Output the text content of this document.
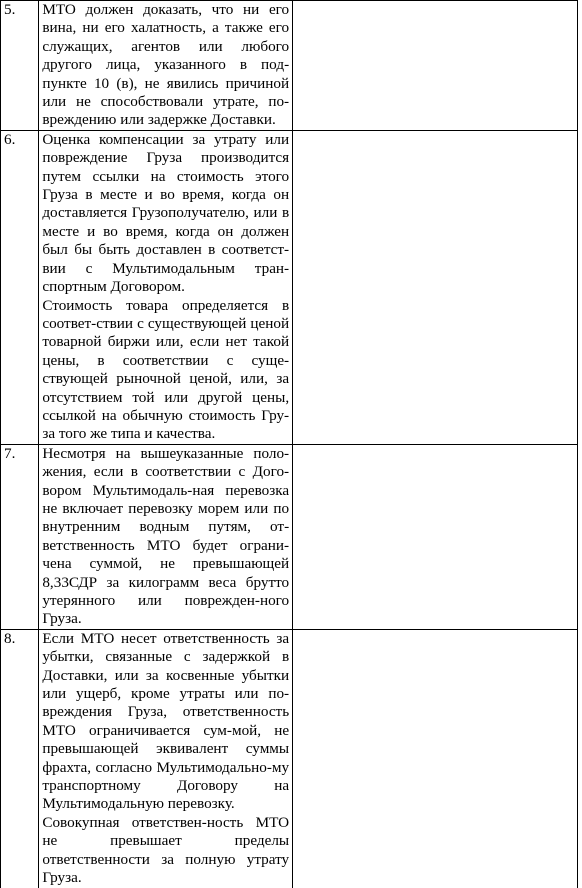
5.	МТО должен доказать, что ни его вина, ни его халатность, а также его служащих, агентов или любого другого лица, указанного в под-пункте 10 (в), не явились причиной или не способствовали утрате, по-вреждению или задержке Доставки.	

6.	Оценка компенсации за утрату или повреждение Груза производится путем ссылки на стоимость этого Груза в месте и во время, когда он доставляется Грузополучателю, или в месте и во время, когда он должен был бы быть доставлен в соответст-вии с Мультимодальным тран-спортным Договором.

Стоимость товара определяется в соответ-ствии с существующей ценой товарной биржи или, если нет такой цены, в соответствии с суще-ствующей рыночной ценой, или, за отсутствием той или другой цены, ссылкой на обычную стоимость Гру-за того же типа и качества.	

7.	Несмотря на вышеуказанные поло-жения, если в соответствии с Дого-вором Мультимодаль-ная перевозка не включает перевозку морем или по внутренним водным путям, от-ветственность МТО будет ограни-чена суммой, не превышающей 8,33СДР за килограмм веса брутто утерянного или поврежден-ного Груза.	

8.	Если МТО несет ответственность за убытки, связанные с задержкой в Доставки, или за косвенные убытки или ущерб, кроме утраты или по-вреждения Груза, ответственность МТО ограничивается сум-мой, не превышающей эквивалент суммы фрахта, согласно Мультимодально-му транспортному Договору на Мультимодальную перевозку.

Совокупная ответствен-ность МТО не превышает пределы ответственности за полную утрату Груза.	
